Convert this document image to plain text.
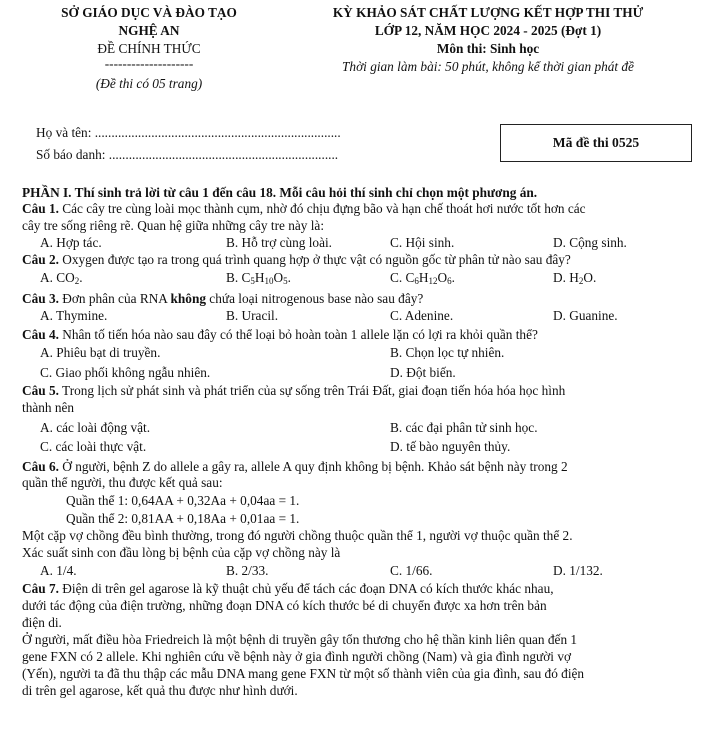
SỞ GIÁO DỤC VÀ ĐÀO TẠO
NGHỆ AN
ĐỀ CHÍNH THỨC
--------------------
(Đề thi có 05 trang)
KỲ KHẢO SÁT CHẤT LƯỢNG KẾT HỢP THI THỬ
LỚP 12, NĂM HỌC 2024 - 2025 (Đợt 1)
Môn thi: Sinh học
Thời gian làm bài: 50 phút, không kể thời gian phát đề
Họ và tên: ..........................................................................
Số báo danh: .....................................................................
Mã đề thi 0525
PHẦN I. Thí sinh trả lời từ câu 1 đến câu 18. Mỗi câu hỏi thí sinh chỉ chọn một phương án.
Câu 1. Các cây tre cùng loài mọc thành cụm, nhờ đó chịu đựng bão và hạn chế thoát hơi nước tốt hơn các
cây tre sống riêng rẽ. Quan hệ giữa những cây tre này là:
A. Hợp tác.	B. Hỗ trợ cùng loài.	C. Hội sinh.	D. Cộng sinh.
Câu 2. Oxygen được tạo ra trong quá trình quang hợp ở thực vật có nguồn gốc từ phân tử nào sau đây?
A. $CO_2$.	B. $C_5H_{10}O_5$.	C. $C_6H_{12}O_6$.	D. $H_2O$.
Câu 3. Đơn phân của RNA không chứa loại nitrogenous base nào sau đây?
A. Thymine.	B. Uracil.	C. Adenine.	D. Guanine.
Câu 4. Nhân tố tiến hóa nào sau đây có thể loại bỏ hoàn toàn 1 allele lặn có lợi ra khỏi quần thể?
A. Phiêu bạt di truyền.	B. Chọn lọc tự nhiên.
C. Giao phối không ngẫu nhiên.	D. Đột biến.
Câu 5. Trong lịch sử phát sinh và phát triển của sự sống trên Trái Đất, giai đoạn tiến hóa hóa học hình
thành nên
A. các loài động vật.	B. các đại phân tử sinh học.
C. các loài thực vật.	D. tế bào nguyên thủy.
Câu 6. Ở người, bệnh Z do allele a gây ra, allele A quy định không bị bệnh. Khảo sát bệnh này trong 2
quần thể người, thu được kết quả sau:
Quần thể 1: 0,64AA + 0,32Aa + 0,04aa = 1.
Quần thể 2: 0,81AA + 0,18Aa + 0,01aa = 1.
Một cặp vợ chồng đều bình thường, trong đó người chồng thuộc quần thể 1, người vợ thuộc quần thể 2.
Xác suất sinh con đầu lòng bị bệnh của cặp vợ chồng này là
A. 1/4.	B. 2/33.	C. 1/66.	D. 1/132.
Câu 7. Điện di trên gel agarose là kỹ thuật chủ yếu để tách các đoạn DNA có kích thước khác nhau,
dưới tác động của điện trường, những đoạn DNA có kích thước bé di chuyển được xa hơn trên bản
điện di.
Ở người, mất điều hòa Friedreich là một bệnh di truyền gây tổn thương cho hệ thần kinh liên quan đến 1
gene FXN có 2 allele. Khi nghiên cứu về bệnh này ở gia đình người chồng (Nam) và gia đình người vợ
(Yến), người ta đã thu thập các mẫu DNA mang gene FXN từ một số thành viên của gia đình, sau đó điện
di trên gel agarose, kết quả thu được như hình dưới.
